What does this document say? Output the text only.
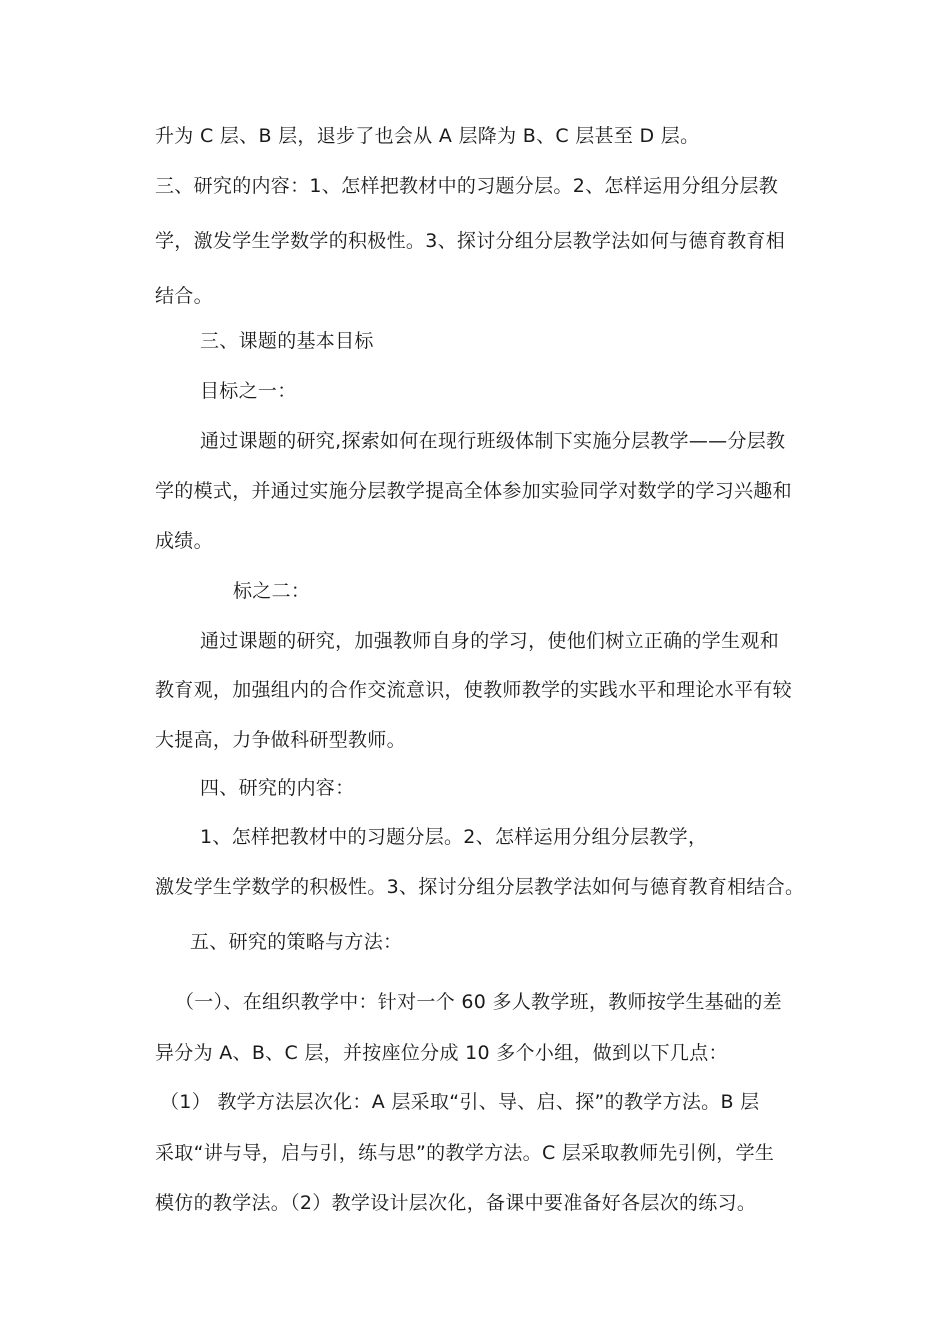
升为 C 层、B 层，退步了也会从 A 层降为 B、C 层甚至 D 层。
三、研究的内容：1、怎样把教材中的习题分层。2、怎样运用分组分层教
学，激发学生学数学的积极性。3、探讨分组分层教学法如何与德育教育相
结合。
三、课题的基本目标
目标之一：
通过课题的研究,探索如何在现行班级体制下实施分层教学——分层教
学的模式，并通过实施分层教学提高全体参加实验同学对数学的学习兴趣和
成绩。
标之二：
通过课题的研究，加强教师自身的学习，使他们树立正确的学生观和
教育观，加强组内的合作交流意识，使教师教学的实践水平和理论水平有较
大提高，力争做科研型教师。
四、研究的内容：
1、怎样把教材中的习题分层。2、怎样运用分组分层教学，
激发学生学数学的积极性。3、探讨分组分层教学法如何与德育教育相结合。
五、研究的策略与方法：
（一）、在组织教学中：针对一个 60 多人教学班，教师按学生基础的差
异分为 A、B、C 层，并按座位分成 10 多个小组，做到以下几点：
（1） 教学方法层次化：A 层采取“引、导、启、探”的教学方法。B 层
采取“讲与导，启与引，练与思”的教学方法。C 层采取教师先引例，学生
模仿的教学法。（2）教学设计层次化，备课中要准备好各层次的练习。
